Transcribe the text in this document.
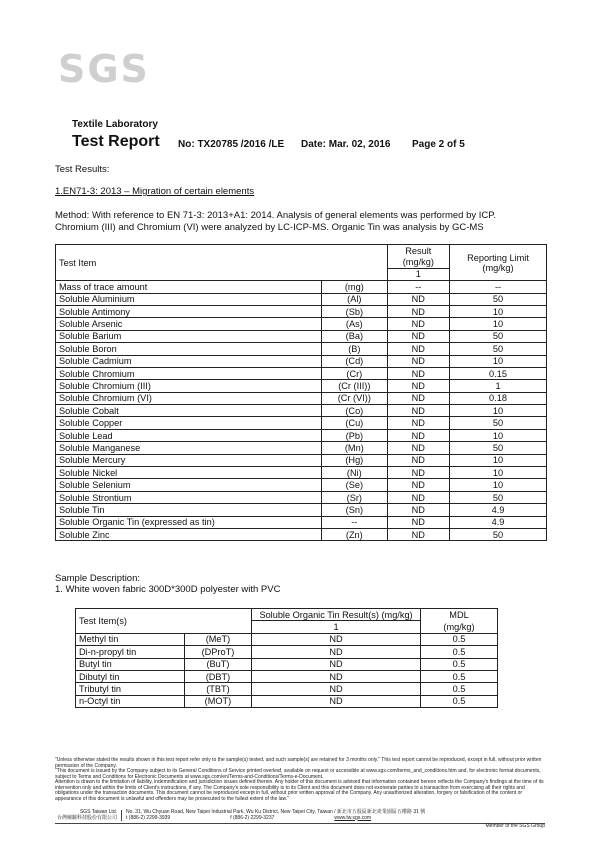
SGS
Textile Laboratory
Test Report No: TX20785 /2016 /LE Date: Mar. 02, 2016 Page 2 of 5
Test Results:
1.EN71-3: 2013 – Migration of certain elements
Method: With reference to EN 71-3: 2013+A1: 2014. Analysis of general elements was performed by ICP. Chromium (III) and Chromium (VI) were analyzed by LC-ICP-MS. Organic Tin was analysis by GC-MS
Test Item		Result	Reporting Limit (mg/kg)
		(mg/kg)	
		1	
Mass of trace amount	(mg)	--	--
Soluble Aluminium	(Al)	ND	50
Soluble Antimony	(Sb)	ND	10
Soluble Arsenic	(As)	ND	10
Soluble Barium	(Ba)	ND	50
Soluble Boron	(B)	ND	50
Soluble Cadmium	(Cd)	ND	10
Soluble Chromium	(Cr)	ND	0.15
Soluble Chromium (III)	(Cr (III))	ND	1
Soluble Chromium (VI)	(Cr (VI))	ND	0.18
Soluble Cobalt	(Co)	ND	10
Soluble Copper	(Cu)	ND	50
Soluble Lead	(Pb)	ND	10
Soluble Manganese	(Mn)	ND	50
Soluble Mercury	(Hg)	ND	10
Soluble Nickel	(Ni)	ND	10
Soluble Selenium	(Se)	ND	10
Soluble Strontium	(Sr)	ND	50
Soluble Tin	(Sn)	ND	4.9
Soluble Organic Tin (expressed as tin)	--	ND	4.9
Soluble Zinc	(Zn)	ND	50
Sample Description:
1. White woven fabric 300D*300D polyester with PVC
Test Item(s)		Soluble Organic Tin Result(s) (mg/kg)	MDL
		1	(mg/kg)
Methyl tin	(MeT)	ND	0.5
Di-n-propyl tin	(DProT)	ND	0.5
Butyl tin	(BuT)	ND	0.5
Dibutyl tin	(DBT)	ND	0.5
Tributyl tin	(TBT)	ND	0.5
n-Octyl tin	(MOT)	ND	0.5
"Unless otherwise stated the results shown in this test report refer only to the sample(s) tested, and such sample(s) are retained for 3 months only." This test report cannot be reproduced, except in full, without prior written permission of the Company.
"This document is issued by the Company subject to its General Conditions of Service printed overleaf, available on request or accessible at www.sgs.com/terms_and_conditions.htm and, for electronic format documents, subject to Terms and Conditions for Electronic Documents at www.sgs.com/en/Terms-and-Conditions/Terms-e-Document.
Attention is drawn to the limitation of liability, indemnification and jurisdiction issues defined therein. Any holder of this document is advised that information contained hereon reflects the Company's findings at the time of its intervention only and within the limits of Client's instructions, if any. The Company's sole responsibility is to its Client and this document does not exonerate parties to a transaction from exercising all their rights and obligations under the transaction documents. This document cannot be reproduced except in full, without prior written approval of the Company. Any unauthorized alteration, forgery or falsification of the content or appearance of this document is unlawful and offenders may be prosecuted to the fullest extent of the law."
SGS Taiwan Ltd.
台灣檢驗科技股份有限公司
No. 31, Wu Chyuan Road, New Taipei Industrial Park, Wu Ku District, New Taipei City, Taiwan / 新北市五股區新北產業園區五權路 31 號
t (886-2) 2299-3939	f (886-2) 2299-3237	www.tw.sgs.com
Member of the SGS Group
